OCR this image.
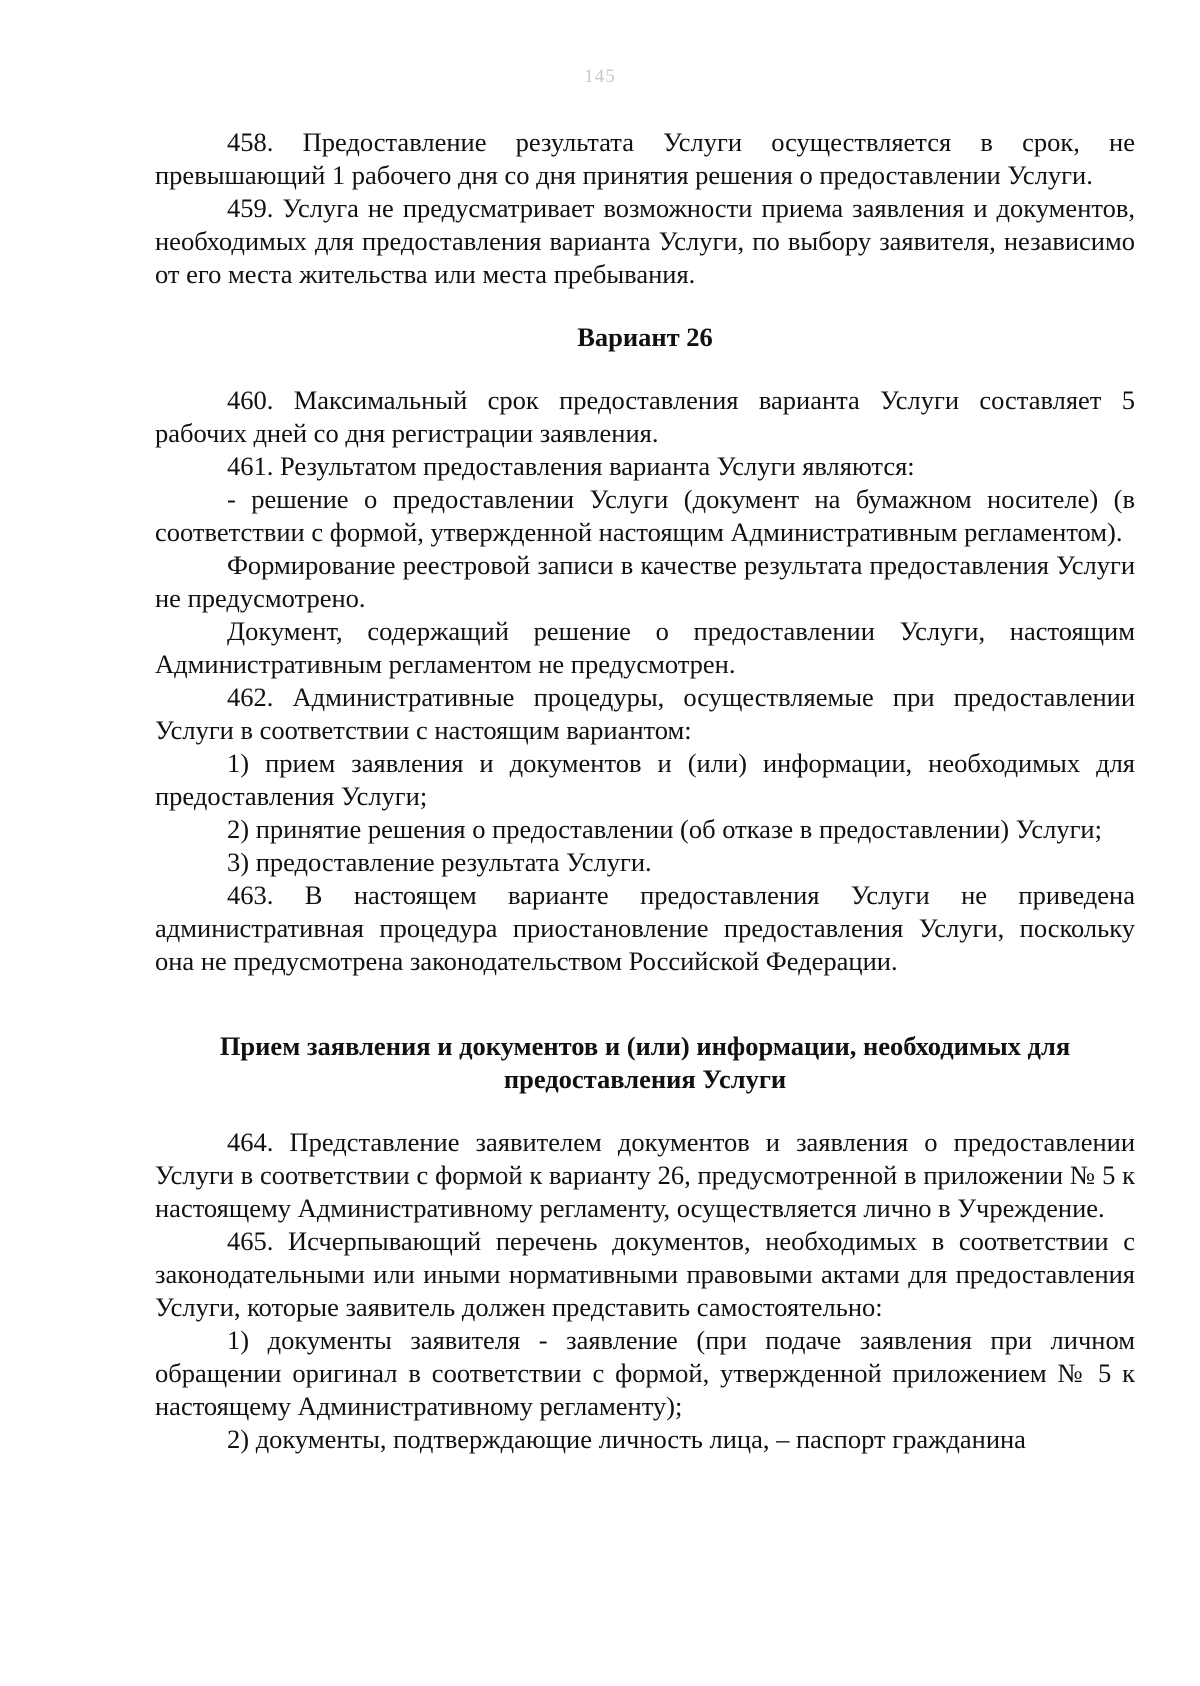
145

458. Предоставление результата Услуги осуществляется в срок, не превышающий 1 рабочего дня со дня принятия решения о предоставлении Услуги.

459. Услуга не предусматривает возможности приема заявления и документов, необходимых для предоставления варианта Услуги, по выбору заявителя, независимо от его места жительства или места пребывания.

Вариант 26

460. Максимальный срок предоставления варианта Услуги составляет 5 рабочих дней со дня регистрации заявления.

461. Результатом предоставления варианта Услуги являются:

- решение о предоставлении Услуги (документ на бумажном носителе) (в соответствии с формой, утвержденной настоящим Административным регламентом).

Формирование реестровой записи в качестве результата предоставления Услуги не предусмотрено.

Документ, содержащий решение о предоставлении Услуги, настоящим Административным регламентом не предусмотрен.

462. Административные процедуры, осуществляемые при предоставлении Услуги в соответствии с настоящим вариантом:

1) прием заявления и документов и (или) информации, необходимых для предоставления Услуги;

2) принятие решения о предоставлении (об отказе в предоставлении) Услуги;

3) предоставление результата Услуги.

463. В настоящем варианте предоставления Услуги не приведена административная процедура приостановление предоставления Услуги, поскольку она не предусмотрена законодательством Российской Федерации.

Прием заявления и документов и (или) информации, необходимых для
предоставления Услуги

464. Представление заявителем документов и заявления о предоставлении Услуги в соответствии с формой к варианту 26, предусмотренной в приложении № 5 к настоящему Административному регламенту, осуществляется лично в Учреждение.

465. Исчерпывающий перечень документов, необходимых в соответствии с законодательными или иными нормативными правовыми актами для предоставления Услуги, которые заявитель должен представить самостоятельно:

1) документы заявителя - заявление (при подаче заявления при личном обращении оригинал в соответствии с формой, утвержденной приложением № 5 к настоящему Административному регламенту);

2) документы, подтверждающие личность лица, – паспорт гражданина
